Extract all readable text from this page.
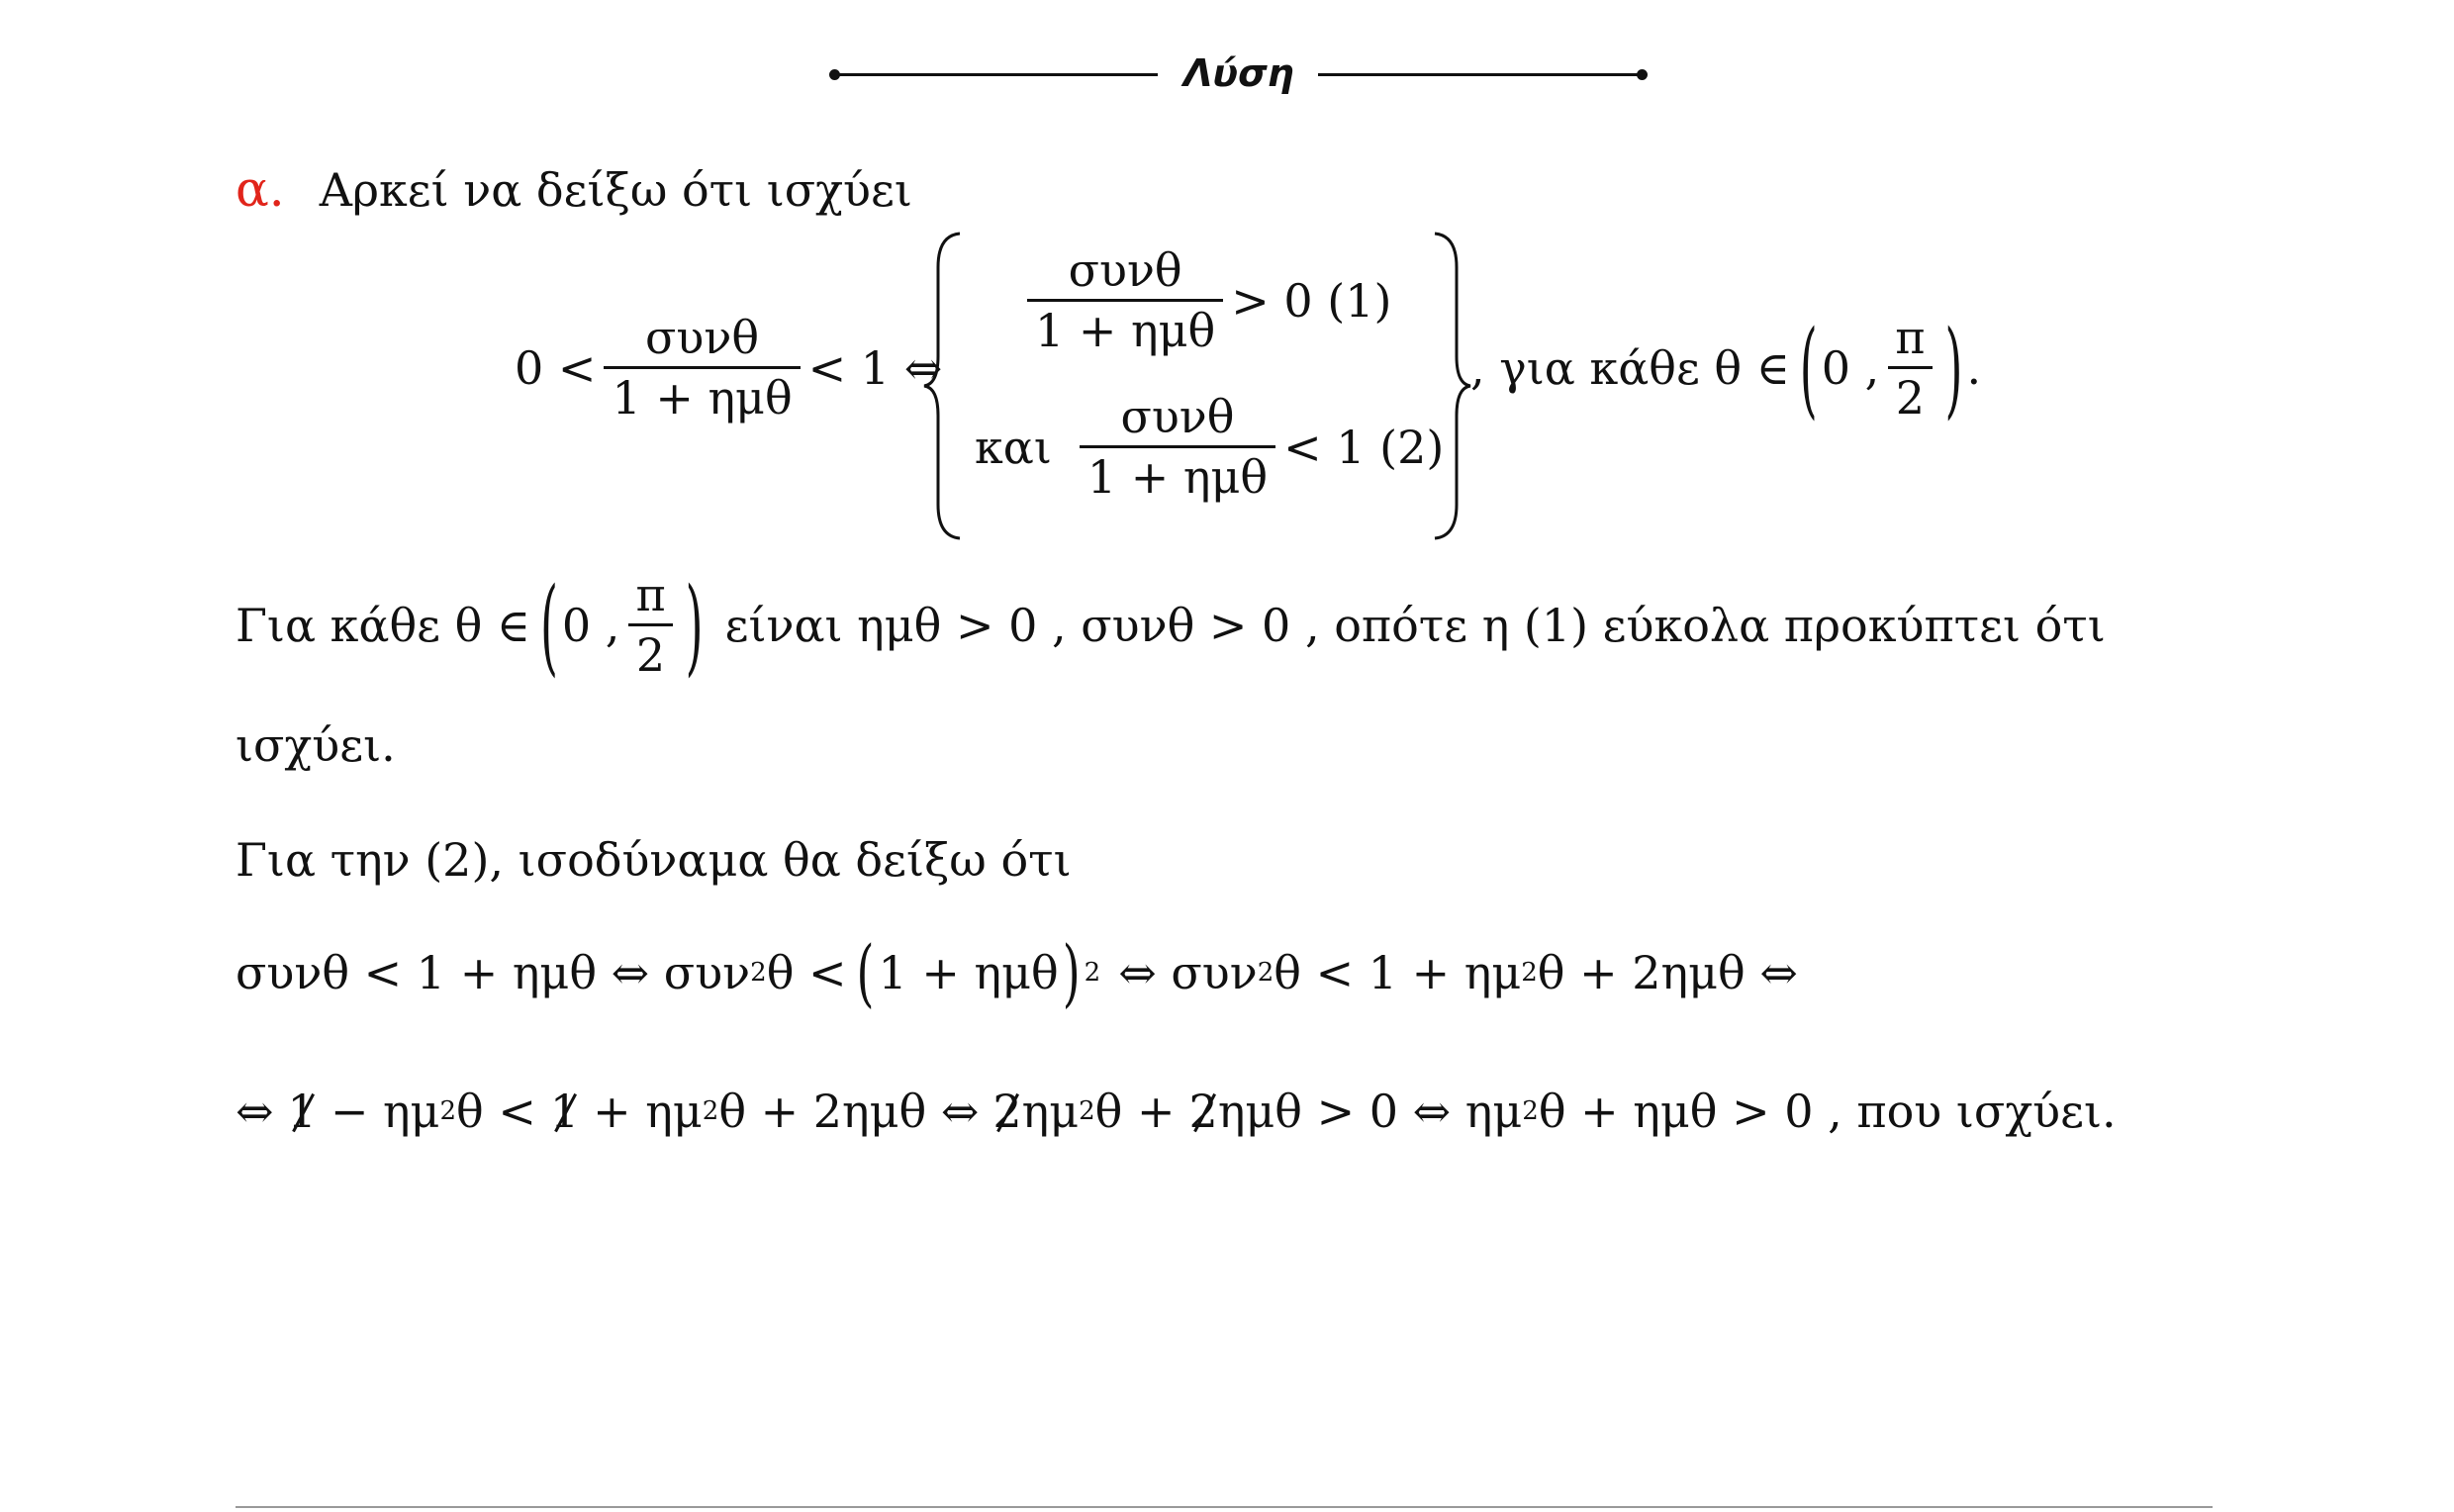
Λύση
α. Αρκεί να δείξω ότι ισχύει
$0 < \frac{\text{συνθ}}{\text{1 + ημθ}} < 1$ ⇔
$\frac{\text{συνθ}}{\text{1 + ημθ}} > 0$ (1)
και $\frac{\text{συνθ}}{\text{1 + ημθ}} < 1$ (2)
, για κάθε θ ∈ ( 0 , $\frac{\pi}{2}$ ) .
Για κάθε θ ∈ ( 0 , $\frac{\pi}{2}$ ) είναι ημθ > 0 , συνθ > 0 , οπότε η (1) εύκολα προκύπτει ότι
ισχύει.
Για την (2), ισοδύναμα θα δείξω ότι
συνθ < 1 + ημθ ⇔ συν 2 θ < ( 1 + ημθ ) 2 ⇔ συν 2 θ < 1 + ημ 2 θ + 2ημθ ⇔
⇔ 1 − ημ 2 θ < 1 + ημ 2 θ + 2ημθ ⇔ 2 ημ 2 θ + 2 ημθ > 0 ⇔ ημ 2 θ + ημθ > 0 , που ισχύει.
